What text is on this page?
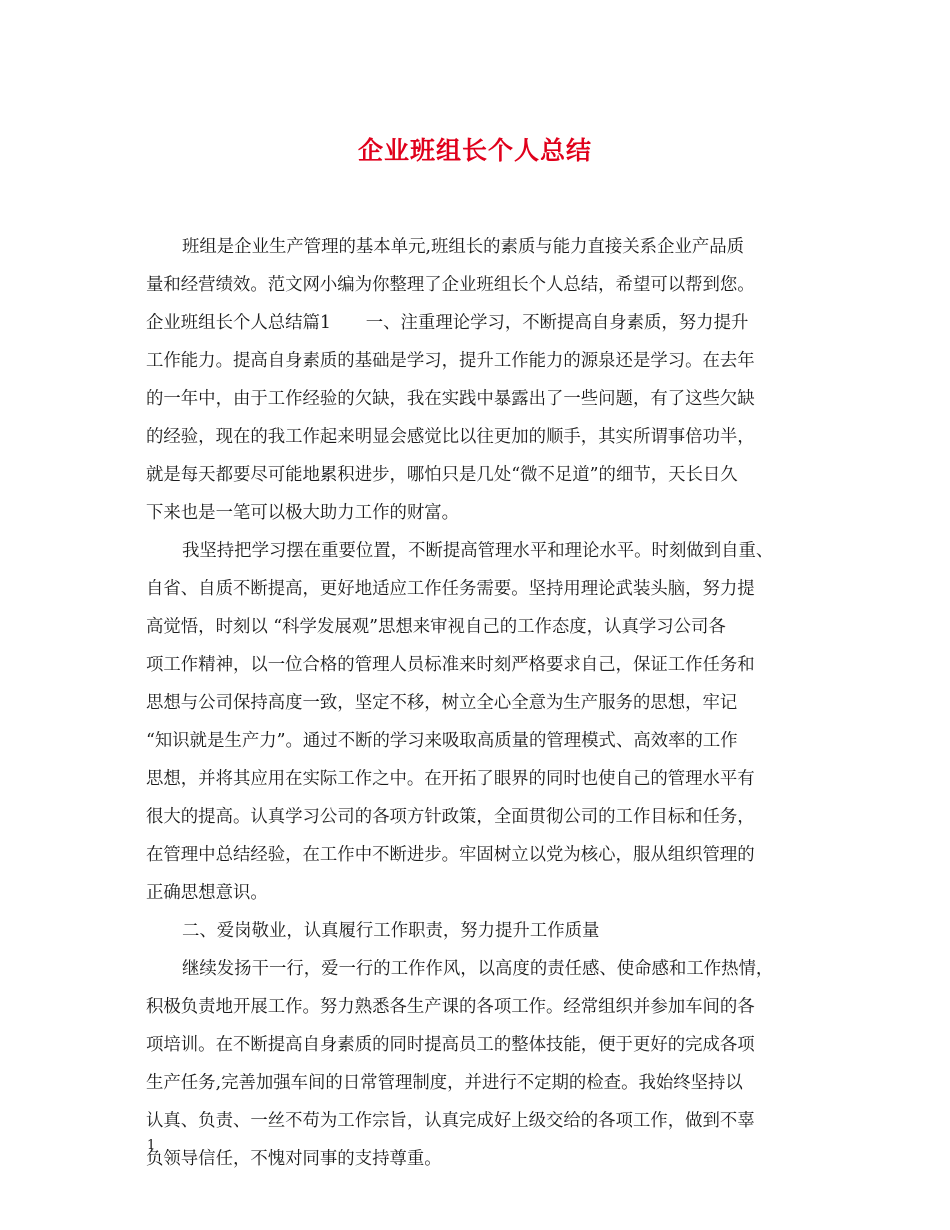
企业班组长个人总结
班组是企业生产管理的基本单元,班组长的素质与能力直接关系企业产品质
量和经营绩效。范文网小编为你整理了企业班组长个人总结，希望可以帮到您。
企业班组长个人总结篇1　　一、注重理论学习，不断提高自身素质，努力提升
工作能力。提高自身素质的基础是学习，提升工作能力的源泉还是学习。在去年
的一年中，由于工作经验的欠缺，我在实践中暴露出了一些问题，有了这些欠缺
的经验，现在的我工作起来明显会感觉比以往更加的顺手，其实所谓事倍功半，
就是每天都要尽可能地累积进步，哪怕只是几处“微不足道”的细节，天长日久
下来也是一笔可以极大助力工作的财富。
我坚持把学习摆在重要位置，不断提高管理水平和理论水平。时刻做到自重、
自省、自质不断提高，更好地适应工作任务需要。坚持用理论武装头脑，努力提
高觉悟，时刻以 “科学发展观”思想来审视自己的工作态度，认真学习公司各
项工作精神，以一位合格的管理人员标准来时刻严格要求自己，保证工作任务和
思想与公司保持高度一致，坚定不移，树立全心全意为生产服务的思想，牢记
“知识就是生产力”。通过不断的学习来吸取高质量的管理模式、高效率的工作
思想，并将其应用在实际工作之中。在开拓了眼界的同时也使自己的管理水平有
很大的提高。认真学习公司的各项方针政策，全面贯彻公司的工作目标和任务，
在管理中总结经验，在工作中不断进步。牢固树立以党为核心，服从组织管理的
正确思想意识。
二、爱岗敬业，认真履行工作职责，努力提升工作质量
继续发扬干一行，爱一行的工作作风，以高度的责任感、使命感和工作热情，
积极负责地开展工作。努力熟悉各生产课的各项工作。经常组织并参加车间的各
项培训。在不断提高自身素质的同时提高员工的整体技能，便于更好的完成各项
生产任务,完善加强车间的日常管理制度，并进行不定期的检查。我始终坚持以
认真、负责、一丝不苟为工作宗旨，认真完成好上级交给的各项工作，做到不辜
负领导信任，不愧对同事的支持尊重。
1
